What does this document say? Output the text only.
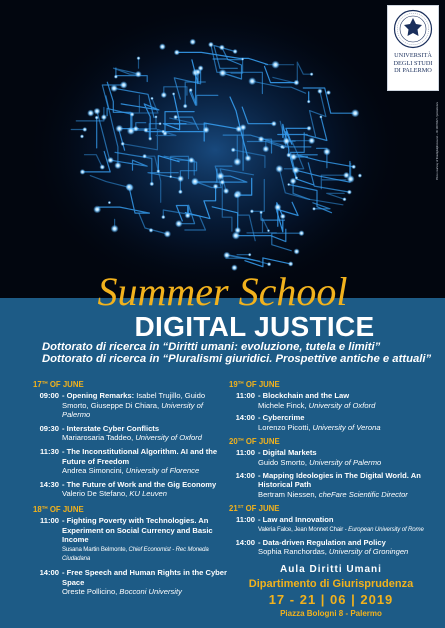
UNIVERSITÀ
DEGLI STUDI
DI PALERMO
Photo courtesy of freedigitalphotos.net – ID 10076427 / jscreationzs
Summer School
DIGITAL JUSTICE
Dottorato di ricerca in “Diritti umani: evoluzione, tutela e limiti”
Dottorato di ricerca in “Pluralismi giuridici. Prospettive antiche e attuali”
17TH OF JUNE
09:00 - Opening Remarks: Isabel Trujillo, Guido Smorto, Giuseppe Di Chiara, University of Palermo
09:30 - Interstate Cyber Conflicts
Mariarosaria Taddeo, University of Oxford
11:30 - The Inconstitutional Algorithm. AI and the Future of Freedom
Andrea Simoncini, University of Florence
14:30 - The Future of Work and the Gig Economy
Valerio De Stefano, KU Leuven
18TH OF JUNE
11:00 - Fighting Poverty with Technologies. An Experiment on Social Currency and Basic Income
Susana Martin Belmonte, Chief Economist - Rec Moneda Ciudadana
14:00 - Free Speech and Human Rights in the Cyber Space
Oreste Pollicino, Bocconi University
19TH OF JUNE
11:00 - Blockchain and the Law
Michele Finck, University of Oxford
14:00 - Cybercrime
Lorenzo Picotti, University of Verona
20TH OF JUNE
11:00 - Digital Markets
Guido Smorto, University of Palermo
14:00 - Mapping Ideologies in The Digital World. An Historical Path
Bertram Niessen, cheFare Scientific Director
21ST OF JUNE
11:00 - Law and Innovation
Valeria Falce, Jean Monnet Chair - European University of Rome
14:00 - Data-driven Regulation and Policy
Sophia Ranchordas, University of Groningen
Aula Diritti Umani
Dipartimento di Giurisprudenza
17 - 21 | 06 | 2019
Piazza Bologni 8 - Palermo
